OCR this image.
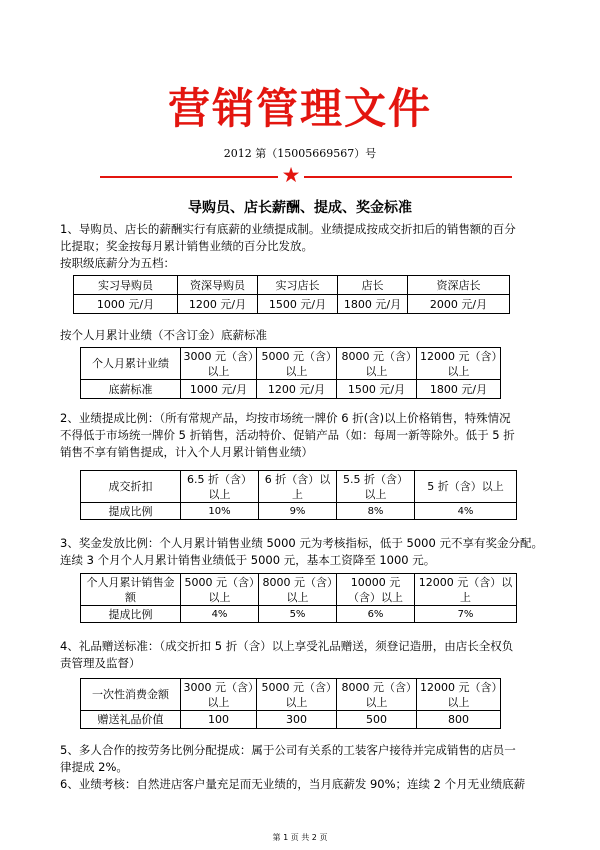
营销管理文件
2012 第（15005669567）号
★
导购员、店长薪酬、提成、奖金标准

1、导购员、店长的薪酬实行有底薪的业绩提成制。业绩提成按成交折扣后的销售额的百分

比提取；奖金按每月累计销售业绩的百分比发放。

按职级底薪分为五档：

实习导购员	资深导购员	实习店长	店长	资深店长
1000 元/月	1200 元/月	1500 元/月	1800 元/月	2000 元/月

按个人月累计业绩（不含订金）底薪标准

个人月累计业绩	3000 元（含）以上	5000 元（含）以上	8000 元（含）以上	12000 元（含）以上
底薪标准	1000 元/月	1200 元/月	1500 元/月	1800 元/月

2、业绩提成比例：（所有常规产品，均按市场统一牌价 6 折(含)以上价格销售，特殊情况

不得低于市场统一牌价 5 折销售，活动特价、促销产品（如：每周一新等除外。低于 5 折

销售不享有销售提成，计入个人月累计销售业绩）

成交折扣	6.5 折（含）以上	6 折（含）以上	5.5 折（含）以上	5 折（含）以上
提成比例	10%	9%	8%	4%

3、奖金发放比例：个人月累计销售业绩 5000 元为考核指标，低于 5000 元不享有奖金分配。

连续 3 个月个人月累计销售业绩低于 5000 元，基本工资降至 1000 元。

个人月累计销售金额	5000 元（含）以上	8000 元（含）以上	10000 元（含）以上	12000 元（含）以上
提成比例	4%	5%	6%	7%

4、礼品赠送标准：（成交折扣 5 折（含）以上享受礼品赠送，须登记造册，由店长全权负

责管理及监督）

一次性消费金额	3000 元（含）以上	5000 元（含）以上	8000 元（含）以上	12000 元（含）以上
赠送礼品价值	100	300	500	800

5、多人合作的按劳务比例分配提成：属于公司有关系的工装客户接待并完成销售的店员一

律提成 2%。

6、业绩考核：自然进店客户量充足而无业绩的，当月底薪发 90%；连续 2 个月无业绩底薪

第 1 页 共 2 页
